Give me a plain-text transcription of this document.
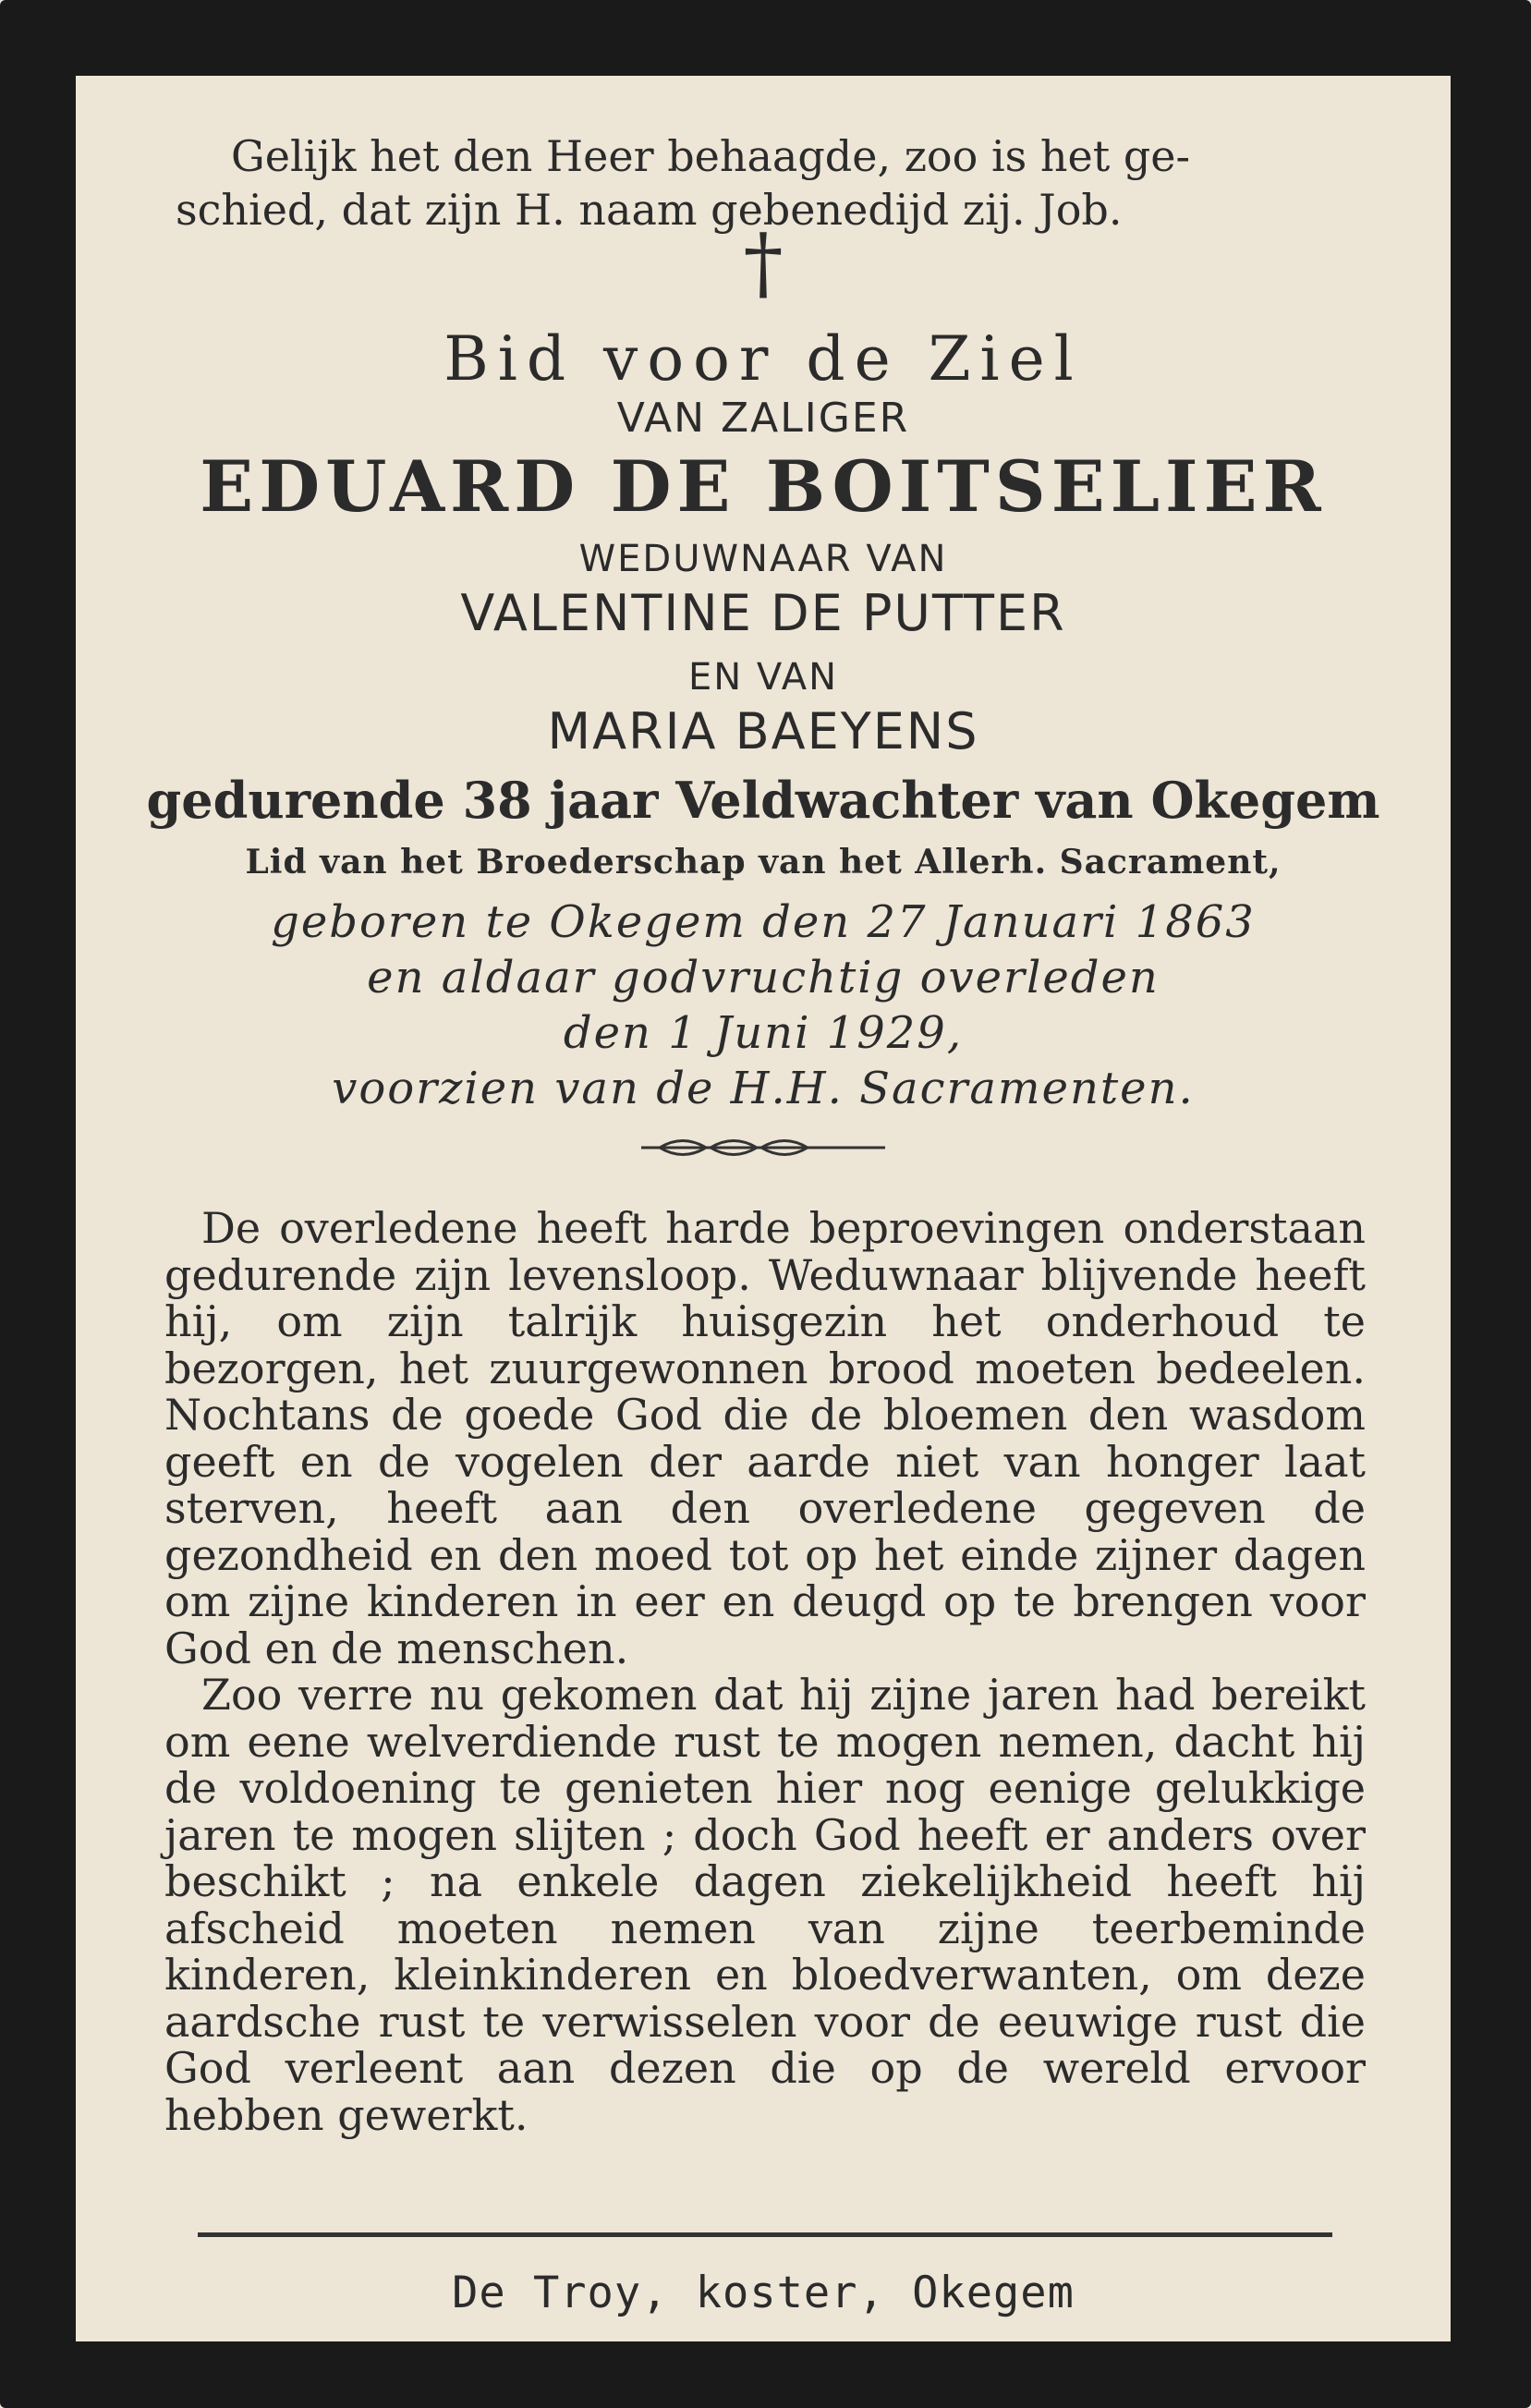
Gelijk het den Heer behaagde, zoo is het ge-

schied, dat zijn H. naam gebenedijd zij. Job.

†
Bid voor de Ziel
VAN ZALIGER
EDUARD DE BOITSELIER
WEDUWNAAR VAN
VALENTINE DE PUTTER
EN VAN
MARIA BAEYENS
gedurende 38 jaar Veldwachter van Okegem
Lid van het Broederschap van het Allerh. Sacrament,
geboren te Okegem den 27 Januari 1863
en aldaar godvruchtig overleden
den 1 Juni 1929,
voorzien van de H.H. Sacramenten.

De overledene heeft harde beproevingen onderstaan gedurende zijn levensloop. Weduwnaar blijvende heeft hij, om zijn talrijk huisgezin het onderhoud te bezorgen, het zuurgewonnen brood moeten bedeelen. Nochtans de goede God die de bloemen den wasdom geeft en de vogelen der aarde niet van honger laat sterven, heeft aan den overledene gegeven de gezondheid en den moed tot op het einde zijner dagen om zijne kinderen in eer en deugd op te brengen voor God en de menschen.

Zoo verre nu gekomen dat hij zijne jaren had bereikt om eene welverdiende rust te mogen nemen, dacht hij de voldoening te genieten hier nog eenige gelukkige jaren te mogen slijten ; doch God heeft er anders over beschikt ; na enkele dagen ziekelijkheid heeft hij afscheid moeten nemen van zijne teerbeminde kinderen, kleinkinderen en bloedverwanten, om deze aardsche rust te verwisselen voor de eeuwige rust die God verleent aan dezen die op de wereld ervoor hebben gewerkt.

De Troy, koster, Okegem
